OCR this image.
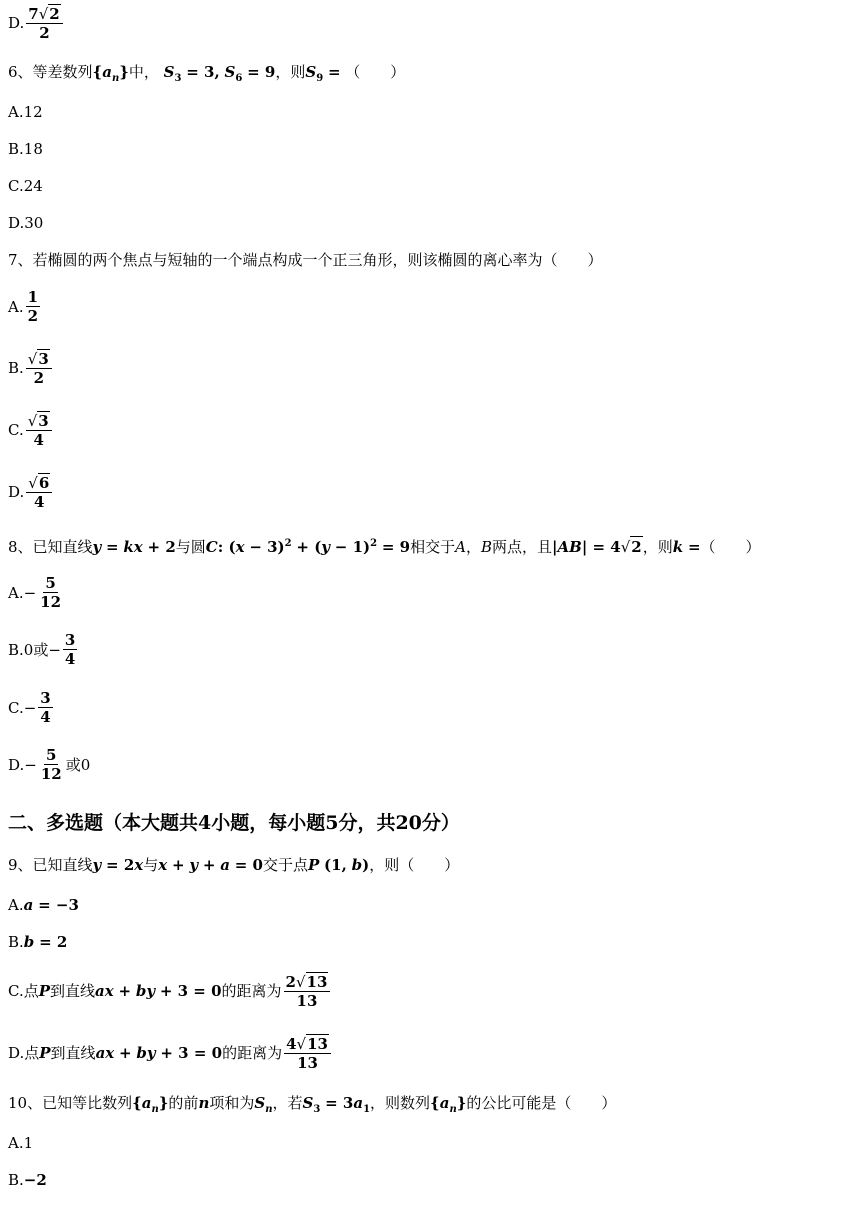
D. $\frac{7√2}{2}$
6、等差数列$\{a_n\}$中， $S_3 = 3$, $S_6 = 9$，则$S_9$ = （　　）
A.12
B.18
C.24
D.30
7、若椭圆的两个焦点与短轴的一个端点构成一个正三角形，则该椭圆的离心率为（　　）
A. $\frac{1}{2}$
B. $\frac{√3}{2}$
C. $\frac{√3}{4}$
D. $\frac{√6}{4}$
8、已知直线y = kx + 2与圆C: $(x - 3)^2 + (y - 1)^2 = 9$相交于A，B两点，且|AB| = 4√2，则k =（　　）
$A.- \frac{5}{12}$
B.0或− $\frac{3}{4}$
$C.- \frac{3}{4}$
$D.- \frac{5}{12}$ 或0
二、多选题（本大题共4小题，每小题5分，共20分）
9、已知直线y = 2x与x + y + a = 0交于点P (1, b)，则（　　）
A.a = −3
B.b = 2
C.点 P 到直线 ax
+
by
+ 3 = 0 的距离为 $\frac{2√13}{13}$
D.点 P 到直线 ax
+
by
+ 3 = 0 的距离为 $\frac{4√13}{13}$
10、已知等比数列$\{a_n\}$的前n项和为$S_n$，若$S_3 = 3a_1$，则数列$\{a_n\}$的公比可能是（　　）
A.1
B.−2
